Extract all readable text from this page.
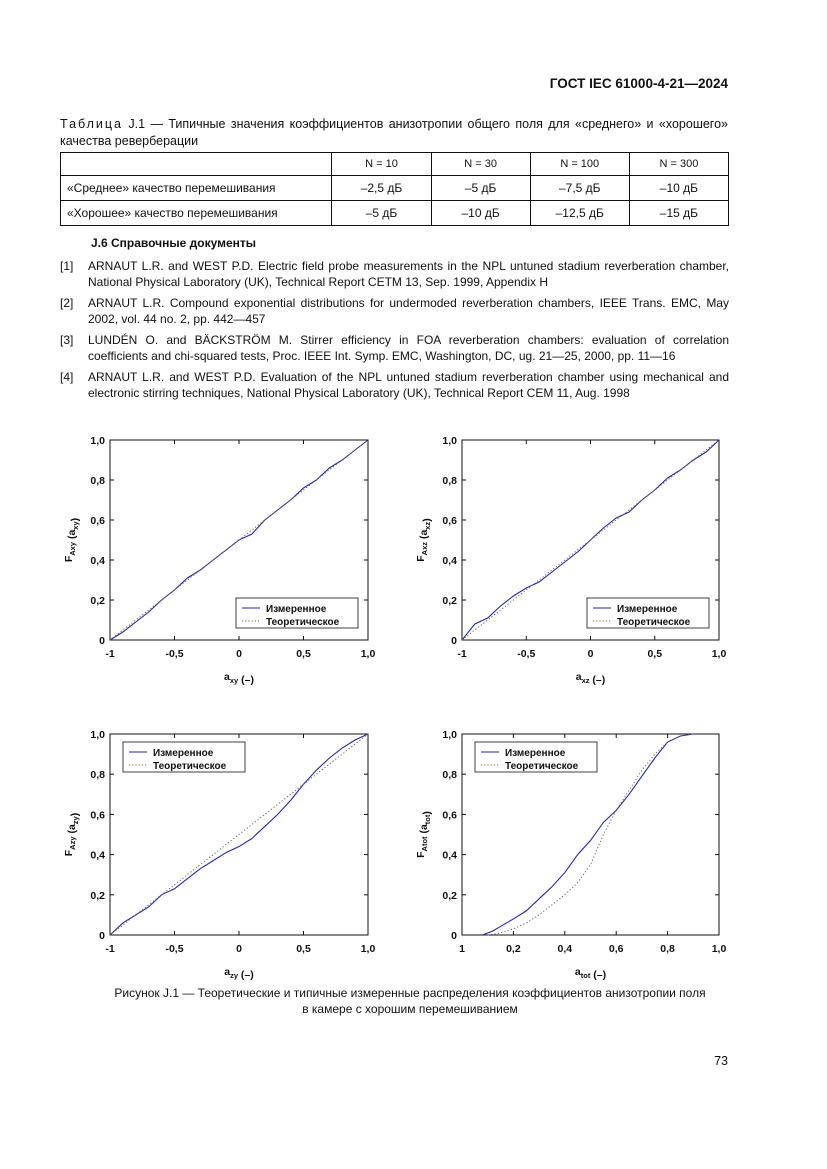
ГОСТ IEC 61000-4-21—2024
Таблица J.1 — Типичные значения коэффициентов анизотропии общего поля для «среднего» и «хорошего» качества реверберации
	N = 10	N = 30	N = 100	N = 300
«Среднее» качество перемешивания	–2,5 дБ	–5 дБ	–7,5 дБ	–10 дБ
«Хорошее» качество перемешивания	–5 дБ	–10 дБ	–12,5 дБ	–15 дБ
J.6 Справочные документы
[1]	ARNAUT L.R. and WEST P.D. Electric field probe measurements in the NPL untuned stadium reverberation chamber, National Physical Laboratory (UK), Technical Report CETM 13, Sep. 1999, Appendix H
[2]	ARNAUT L.R. Compound exponential distributions for undermoded reverberation chambers, IEEE Trans. EMC, May 2002, vol. 44 no. 2, pp. 442—457
[3]	LUNDÉN O. and BÄCKSTRÖM M. Stirrer efficiency in FOA reverberation chambers: evaluation of correlation coefficients and chi-squared tests, Proc. IEEE Int. Symp. EMC, Washington, DC, ug. 21—25, 2000, pp. 11—16
[4]	ARNAUT L.R. and WEST P.D. Evaluation of the NPL untuned stadium reverberation chamber using mechanical and electronic stirring techniques, National Physical Laboratory (UK), Technical Report CEM 11, Aug. 1998
-1	-0,5	0	0,5	1,0
0
0,2
0,4
0,6
0,8
1,0
Измеренное
Теоретическое
$a_{xy}$ (–)
$F_{Axy}$ $(a_{xy})$
-1	-0,5	0	0,5	1,0
0
0,2
0,4
0,6
0,8
1,0
Измеренное
Теоретическое
$a_{xz}$ (–)
$F_{Axz}$ $(a_{xz})$
-1	-0,5	0	0,5	1,0
0
0,2
0,4
0,6
0,8
1,0
Измеренное
Теоретическое
$a_{zy}$ (–)
$F_{Azy}$ $(a_{zy})$
1	0,2	0,4	0,6	0,8	1,0
0
0,2
0,4
0,6
0,8
1,0
Измеренное
Теоретическое
$a_{tot}$ (–)
$F_{Atot}$ $(a_{tot})$
Рисунок J.1 — Теоретические и типичные измеренные распределения коэффициентов анизотропии поля
в камере с хорошим перемешиванием
73
